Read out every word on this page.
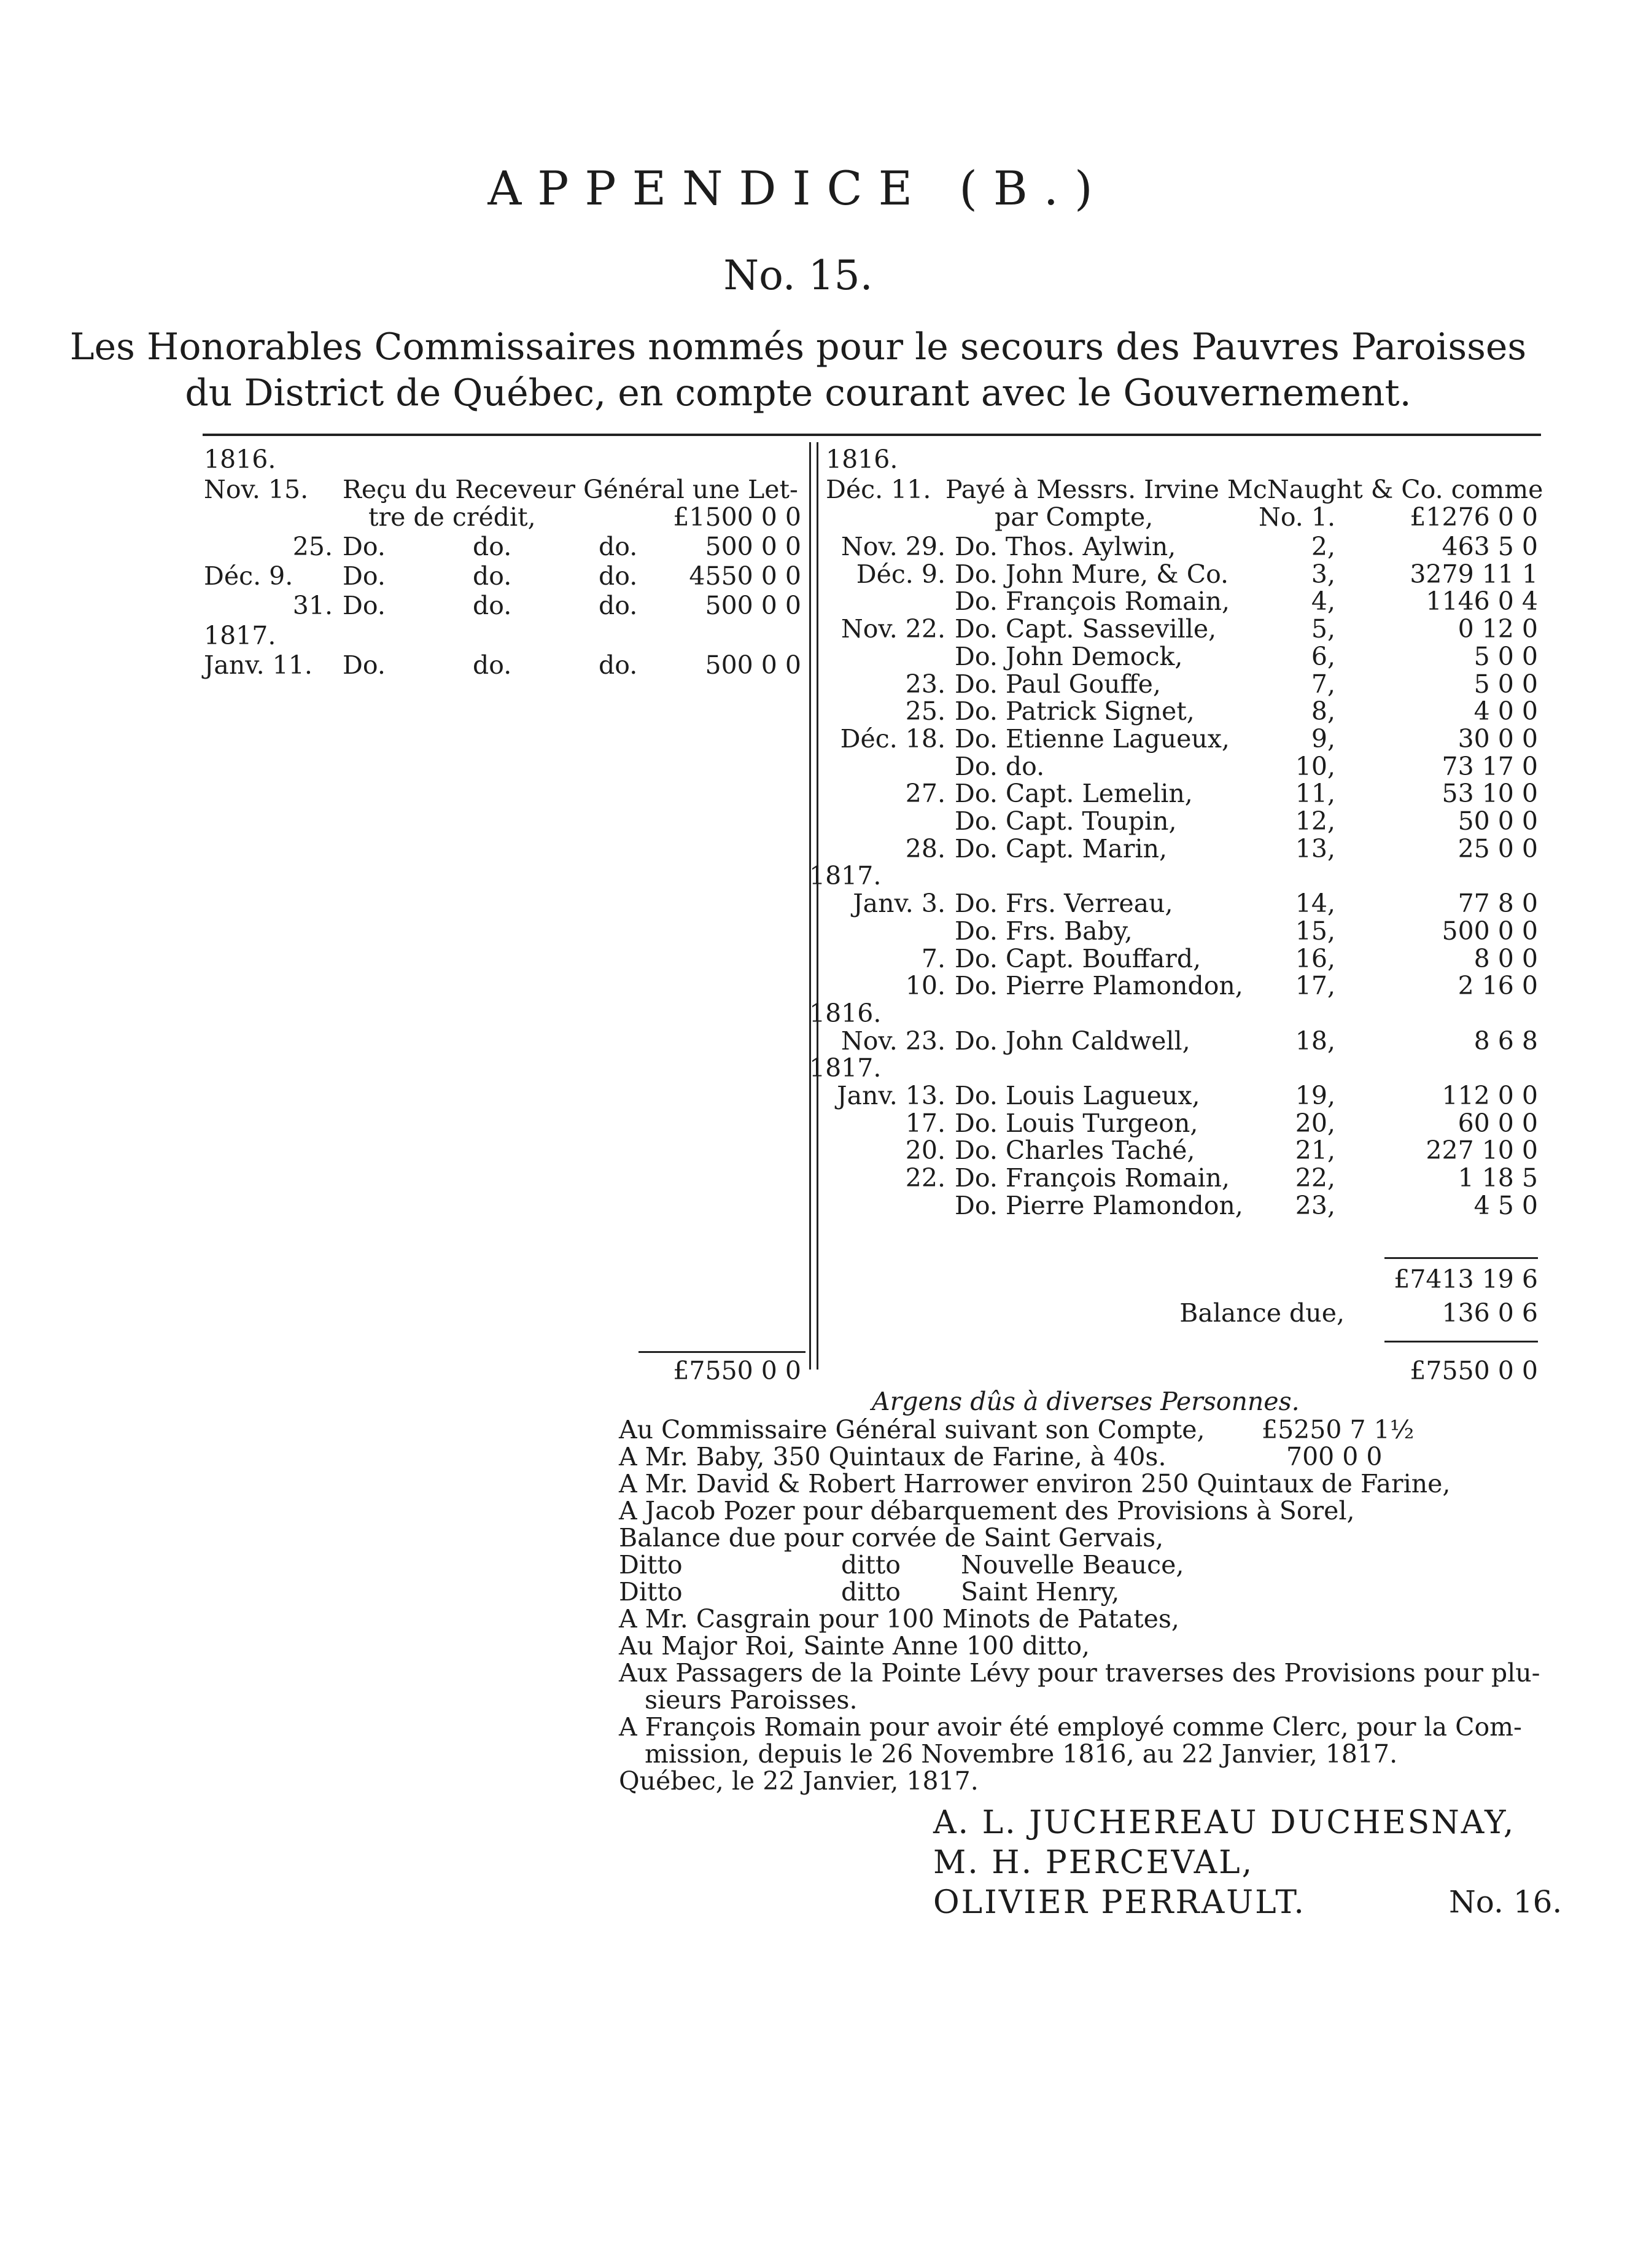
APPENDICE (B.)
No. 15.
Les Honorables Commissaires nommés pour le secours des Pauvres Paroisses
du District de Québec, en compte courant avec le Gouvernement.
1816.
Nov. 15. Reçu du Receveur Général une Let-
tre de crédit,	£1500 0 0
25. Do.	do.	do.	500 0 0
Déc. 9. Do.	do.	do.	4550 0 0
31. Do.	do.	do.	500 0 0
1817.
Janv. 11. Do.	do.	do.	500 0 0
£7550 0 0
1816.
Déc. 11. Payé à Messrs. Irvine McNaught & Co. comme
par Compte,	No. 1.	£1276 0 0
Nov. 29. Do. Thos. Aylwin,	2,	463 5 0
Déc. 9. Do. John Mure, & Co.	3,	3279 11 1
Do. François Romain,	4,	1146 0 4
Nov. 22. Do. Capt. Sasseville,	5,	0 12 0
Do. John Demock,	6,	5 0 0
23. Do. Paul Gouffe,	7,	5 0 0
25. Do. Patrick Signet,	8,	4 0 0
Déc. 18. Do. Etienne Lagueux,	9,	30 0 0
Do. do.	10,	73 17 0
27. Do. Capt. Lemelin,	11,	53 10 0
Do. Capt. Toupin,	12,	50 0 0
28. Do. Capt. Marin,	13,	25 0 0
1817.
Janv. 3. Do. Frs. Verreau,	14,	77 8 0
Do. Frs. Baby,	15,	500 0 0
7. Do. Capt. Bouffard,	16,	8 0 0
10. Do. Pierre Plamondon,	17,	2 16 0
1816.
Nov. 23. Do. John Caldwell,	18,	8 6 8
1817.
Janv. 13. Do. Louis Lagueux,	19,	112 0 0
17. Do. Louis Turgeon,	20,	60 0 0
20. Do. Charles Taché,	21,	227 10 0
22. Do. François Romain,	22,	1 18 5
Do. Pierre Plamondon,	23,	4 5 0
£7413 19 6
Balance due,	136 0 6
£7550 0 0
Argens dûs à diverses Personnes.
Au Commissaire Général suivant son Compte, £5250 7 1½
A Mr. Baby, 350 Quintaux de Farine, à 40s.	700 0 0
A Mr. David & Robert Harrower environ 250 Quintaux de Farine,
A Jacob Pozer pour débarquement des Provisions à Sorel,
Balance due pour corvée de Saint Gervais,
Ditto	ditto Nouvelle Beauce,
Ditto	ditto Saint Henry,
A Mr. Casgrain pour 100 Minots de Patates,
Au Major Roi, Sainte Anne 100 ditto,
Aux Passagers de la Pointe Lévy pour traverses des Provisions pour plu-
sieurs Paroisses.
A François Romain pour avoir été employé comme Clerc, pour la Com-
mission, depuis le 26 Novembre 1816, au 22 Janvier, 1817.
Québec, le 22 Janvier, 1817.
A. L. JUCHEREAU DUCHESNAY,
M. H. PERCEVAL,
OLIVIER PERRAULT.	No. 16.
